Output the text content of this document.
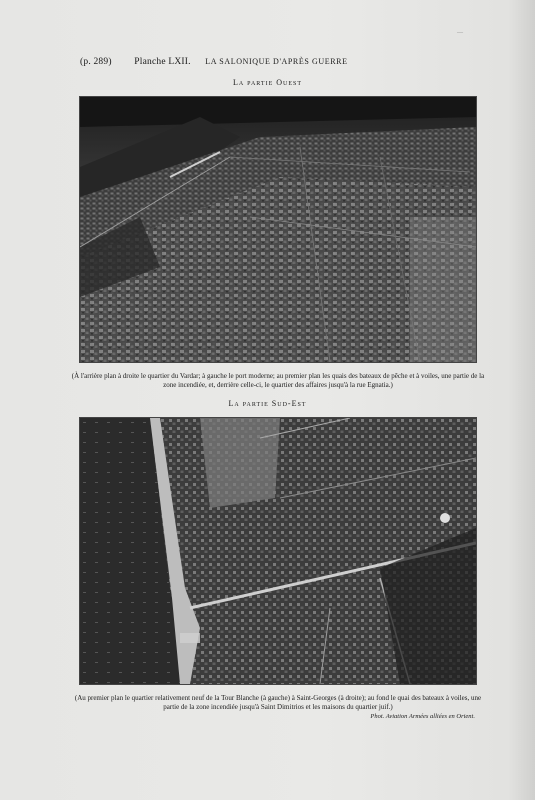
—
(p. 289) Planche LXII. LA SALONIQUE D'APRÈS GUERRE
La partie Ouest
(À l'arrière plan à droite le quartier du Vardar; à gauche le port moderne; au premier plan les quais des bateaux de pêche et à voiles, une partie de la zone incendiée, et, derrière celle-ci, le quartier des affaires jusqu'à la rue Egnatia.)
La partie Sud-Est
(Au premier plan le quartier relativement neuf de la Tour Blanche (à gauche) à Saint-Georges (à droite); au fond le quai des bateaux à voiles, une partie de la zone incendiée jusqu'à Saint Dimitrios et les maisons du quartier juif.)
Phot. Aviation Armées alliées en Orient.
